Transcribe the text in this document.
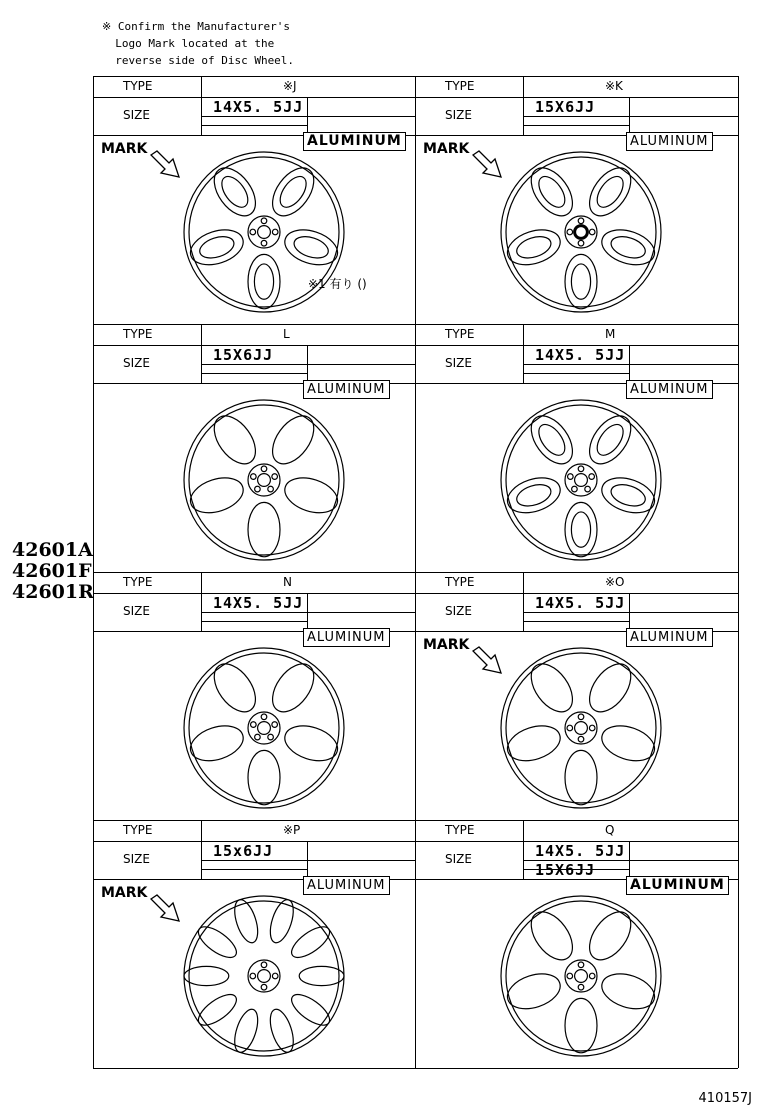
※ Confirm the Manufacturer's
Logo Mark located at the
reverse side of Disc Wheel.
TYPE	※J
SIZE	14X5. 5JJ
ALUMINUM
MARK
※1 有り ()
TYPE	※K
SIZE	15X6JJ
ALUMINUM
MARK
TYPE	L
SIZE	15X6JJ
ALUMINUM
TYPE	M
SIZE	14X5. 5JJ
ALUMINUM
TYPE	N
SIZE	14X5. 5JJ
ALUMINUM
TYPE	※O
SIZE	14X5. 5JJ
ALUMINUM
MARK
TYPE	※P
SIZE	15x6JJ
ALUMINUM
MARK
TYPE	Q
SIZE	14X5. 5JJ
15X6JJ
ALUMINUM
42601A
42601F
42601R
410157J
